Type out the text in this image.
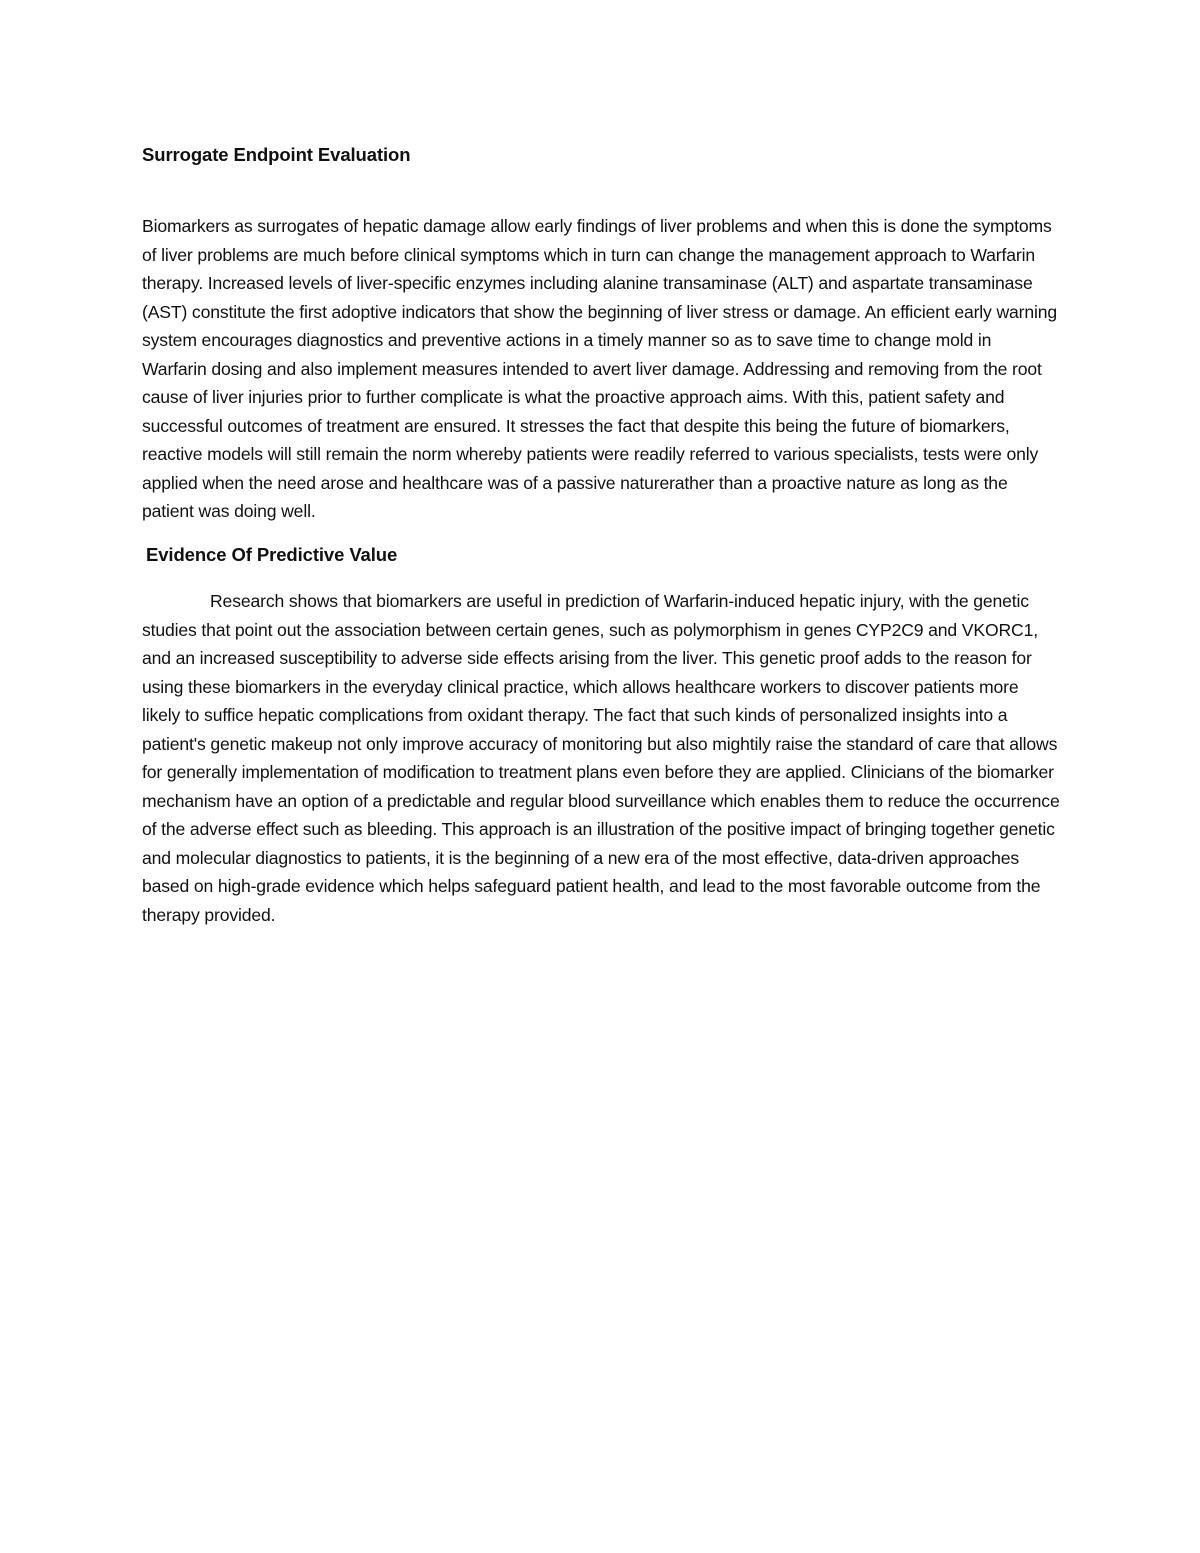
Surrogate Endpoint Evaluation

Biomarkers as surrogates of hepatic damage allow early findings of liver problems and when this is done the symptoms of liver problems are much before clinical symptoms which in turn can change the management approach to Warfarin therapy. Increased levels of liver-specific enzymes including alanine transaminase (ALT) and aspartate transaminase (AST) constitute the first adoptive indicators that show the beginning of liver stress or damage. An efficient early warning system encourages diagnostics and preventive actions in a timely manner so as to save time to change mold in Warfarin dosing and also implement measures intended to avert liver damage. Addressing and removing from the root cause of liver injuries prior to further complicate is what the proactive approach aims. With this, patient safety and successful outcomes of treatment are ensured. It stresses the fact that despite this being the future of biomarkers, reactive models will still remain the norm whereby patients were readily referred to various specialists, tests were only applied when the need arose and healthcare was of a passive naturerather than a proactive nature as long as the patient was doing well.

Evidence Of Predictive Value

Research shows that biomarkers are useful in prediction of Warfarin-induced hepatic injury, with the genetic studies that point out the association between certain genes, such as polymorphism in genes CYP2C9 and VKORC1, and an increased susceptibility to adverse side effects arising from the liver. This genetic proof adds to the reason for using these biomarkers in the everyday clinical practice, which allows healthcare workers to discover patients more likely to suffice hepatic complications from oxidant therapy. The fact that such kinds of personalized insights into a patient's genetic makeup not only improve accuracy of monitoring but also mightily raise the standard of care that allows for generally implementation of modification to treatment plans even before they are applied. Clinicians of the biomarker mechanism have an option of a predictable and regular blood surveillance which enables them to reduce the occurrence of the adverse effect such as bleeding. This approach is an illustration of the positive impact of bringing together genetic and molecular diagnostics to patients, it is the beginning of a new era of the most effective, data-driven approaches based on high-grade evidence which helps safeguard patient health, and lead to the most favorable outcome from the therapy provided.
